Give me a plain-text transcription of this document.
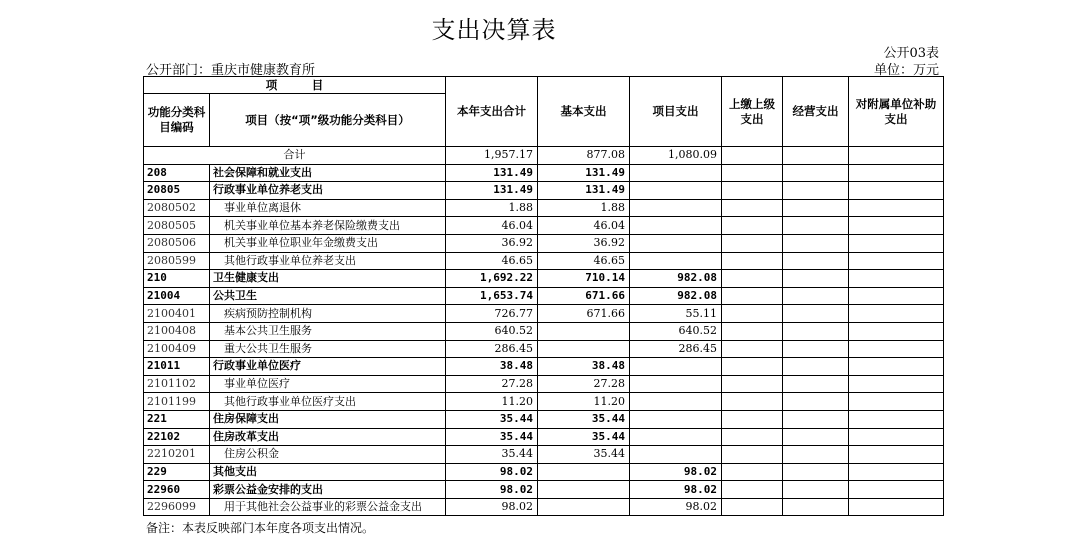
支出决算表
公开03表
公开部门：重庆市健康教育所	单位：万元
项　　　目		本年支出合计	基本支出	项目支出	上缴上级支出	经营支出	对附属单位补助支出
功能分类科目编码	项目（按“项”级功能分类科目）						
合计		1,957.17	877.08	1,080.09			
208	社会保障和就业支出	131.49	131.49				
20805	行政事业单位养老支出	131.49	131.49				
2080502	事业单位离退休	1.88	1.88				
2080505	机关事业单位基本养老保险缴费支出	46.04	46.04				
2080506	机关事业单位职业年金缴费支出	36.92	36.92				
2080599	其他行政事业单位养老支出	46.65	46.65				
210	卫生健康支出	1,692.22	710.14	982.08			
21004	公共卫生	1,653.74	671.66	982.08			
2100401	疾病预防控制机构	726.77	671.66	55.11			
2100408	基本公共卫生服务	640.52		640.52			
2100409	重大公共卫生服务	286.45		286.45			
21011	行政事业单位医疗	38.48	38.48				
2101102	事业单位医疗	27.28	27.28				
2101199	其他行政事业单位医疗支出	11.20	11.20				
221	住房保障支出	35.44	35.44				
22102	住房改革支出	35.44	35.44				
2210201	住房公积金	35.44	35.44				
229	其他支出	98.02		98.02			
22960	彩票公益金安排的支出	98.02		98.02			
2296099	用于其他社会公益事业的彩票公益金支出	98.02		98.02			
备注：本表反映部门本年度各项支出情况。
